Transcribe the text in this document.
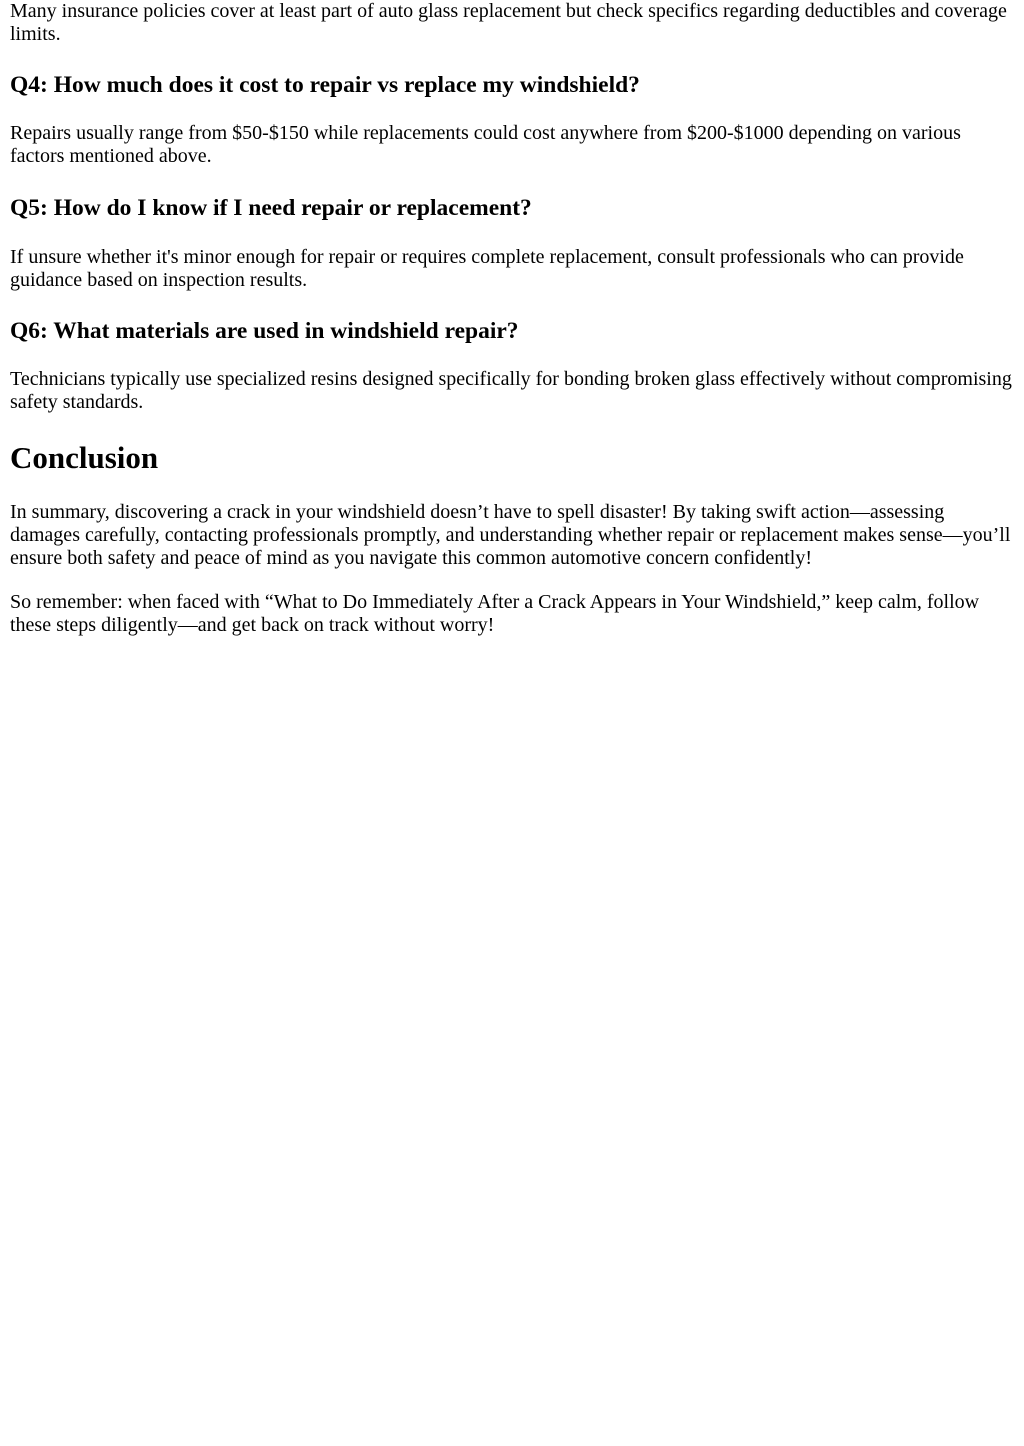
Many insurance policies cover at least part of auto glass replacement but check specifics regarding deductibles and coverage limits.

Q4: How much does it cost to repair vs replace my windshield?

Repairs usually range from $50-$150 while replacements could cost anywhere from $200-$1000 depending on various factors mentioned above.

Q5: How do I know if I need repair or replacement?

If unsure whether it's minor enough for repair or requires complete replacement, consult professionals who can provide guidance based on inspection results.

Q6: What materials are used in windshield repair?

Technicians typically use specialized resins designed specifically for bonding broken glass effectively without compromising safety standards.

Conclusion

In summary, discovering a crack in your windshield doesn’t have to spell disaster! By taking swift action—assessing damages carefully, contacting professionals promptly, and understanding whether repair or replacement makes sense—you’ll ensure both safety and peace of mind as you navigate this common automotive concern confidently!

So remember: when faced with “What to Do Immediately After a Crack Appears in Your Windshield,” keep calm, follow these steps diligently—and get back on track without worry!
